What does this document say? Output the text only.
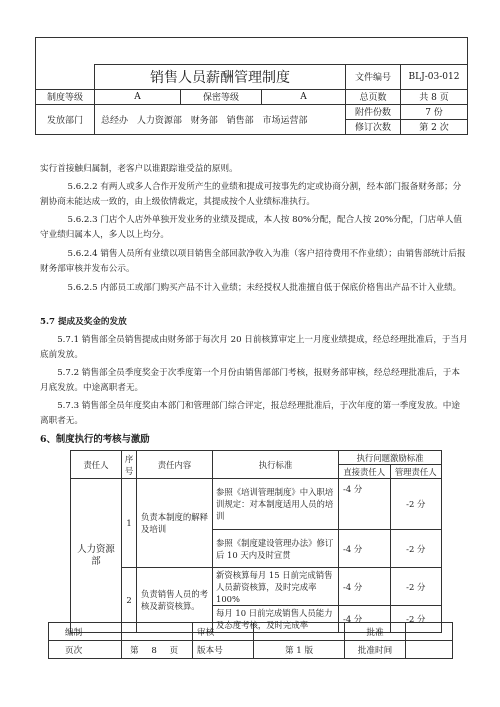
	销售人员薪酬管理制度			文件编号	BLJ-03-012
制度等级	A	保密等级	A	总页数	共 8 页
发放部门	总经办 人力资源部 财务部 销售部 市场运营部			附件份数	7 份
				修订次数	第 2 次
实行首接触归属制，老客户以谁跟踪谁受益的原则。
5.6.2.2 有两人或多人合作开发所产生的业绩和提成可按事先约定或协商分割，经本部门报备财务部；分割协商未能达成一致的，由上级依情裁定，其提成按个人业绩标准执行。
5.6.2.3 门店个人店外单独开发业务的业绩及提成，本人按 80%分配，配合人按 20%分配，门店单人值守业绩归属本人，多人以上均分。
5.6.2.4 销售人员所有业绩以项目销售全部回款净收入为准（客户招待费用不作业绩）；由销售部统计后报财务部审核并发布公示。
5.6.2.5 内部员工或部门购买产品不计入业绩；未经授权人批准擅自低于保底价格售出产品不计入业绩。
5.7 提成及奖金的发放
5.7.1 销售部全员销售提成由财务部于每次月 20 日前核算审定上一月度业绩提成，经总经理批准后，于当月底前发放。
5.7.2 销售部全员季度奖金于次季度第一个月份由销售部部门考核，报财务部审核，经总经理批准后，于本月底发放。中途离职者无。
5.7.3 销售部全员年度奖由本部门和管理部门综合评定，报总经理批准后，于次年度的第一季度发放。中途离职者无。
6、制度执行的考核与激励
责任人	序号	责任内容	执行标准	执行问题激励标准	
				直接责任人	管理责任人
人力资源部	1	负责本制度的解释及培训	参照《培训管理制度》中入职培训规定：对本制度适用人员的培训	-4 分	-2 分
			参照《制度建设管理办法》修订后 10 天内及时宣贯	-4 分	-2 分
	2	负责销售人员的考核及薪资核算。	新资核算每月 15 日前完成销售人员薪资核算，及时完成率 100%	-4 分	-2 分
			每月 10 日前完成销售人员能力及态度考核，及时完成率	-4 分	-2 分
编制		审核		批准	
页次	第 8 页	版本号	第 1 版	批准时间	
